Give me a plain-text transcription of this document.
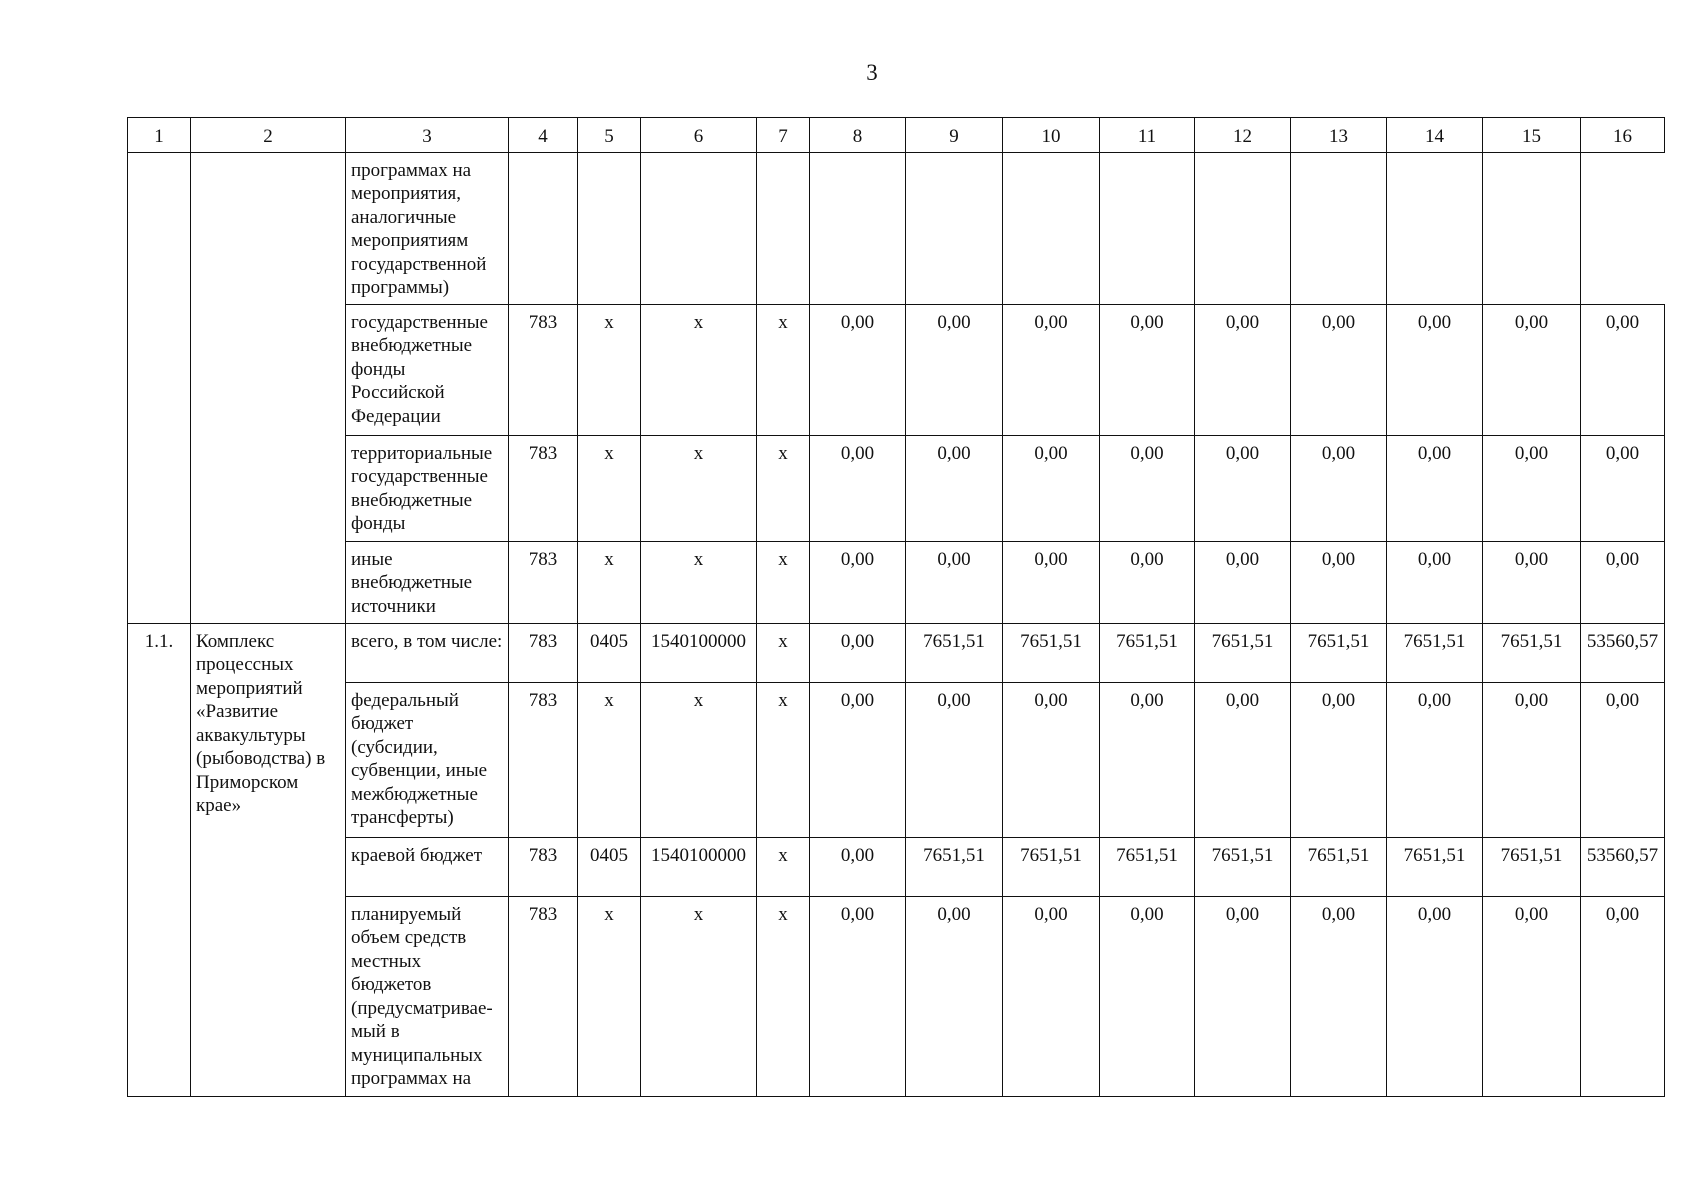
3
1	2	3	4	5	6	7	8	9	10	11	12	13	14	15	16
		программах на мероприятия, аналогичные мероприятиям государственной программы)													
		государственные внебюджетные фонды Российской Федерации	783	х	х	х	0,00	0,00	0,00	0,00	0,00	0,00	0,00	0,00	0,00
		территориальные государственные внебюджетные фонды	783	х	х	х	0,00	0,00	0,00	0,00	0,00	0,00	0,00	0,00	0,00
		иные внебюджетные источники	783	х	х	х	0,00	0,00	0,00	0,00	0,00	0,00	0,00	0,00	0,00
1.1.	Комплекс процессных мероприятий «Развитие аквакультуры (рыбоводства) в Приморском крае»	всего, в том числе:	783	0405	1540100000	х	0,00	7651,51	7651,51	7651,51	7651,51	7651,51	7651,51	7651,51	53560,57
		федеральный бюджет (субсидии, субвенции, иные межбюджетные трансферты)	783	х	х	х	0,00	0,00	0,00	0,00	0,00	0,00	0,00	0,00	0,00
		краевой бюджет	783	0405	1540100000	х	0,00	7651,51	7651,51	7651,51	7651,51	7651,51	7651,51	7651,51	53560,57
		планируемый объем средств местных бюджетов (предусматривае-мый в муниципальных программах на	783	х	х	х	0,00	0,00	0,00	0,00	0,00	0,00	0,00	0,00	0,00
